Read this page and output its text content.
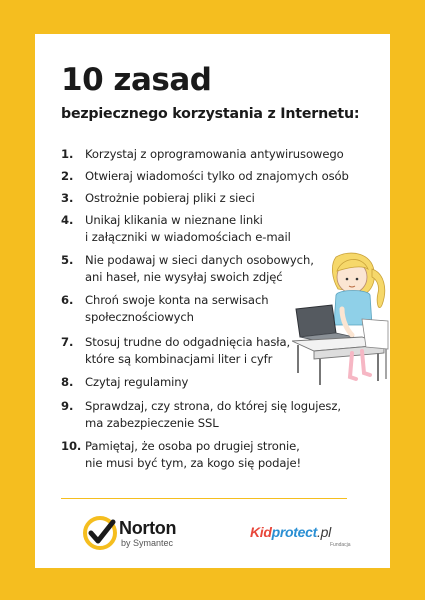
10 zasad
bezpiecznego korzystania z Internetu:
1.	Korzystaj z oprogramowania antywirusowego
2.	Otwieraj wiadomości tylko od znajomych osób
3.	Ostrożnie pobieraj pliki z sieci
4.	Unikaj klikania w nieznane linki
i załączniki w wiadomościach e-mail
5.	Nie podawaj w sieci danych osobowych,
ani haseł, nie wysyłaj swoich zdjęć
6.	Chroń swoje konta na serwisach
społecznościowych
7.	Stosuj trudne do odgadnięcia hasła,
które są kombinacjami liter i cyfr
8.	Czytaj regulaminy
9.	Sprawdzaj, czy strona, do której się logujesz,
ma zabezpieczenie SSL
10. Pamiętaj, że osoba po drugiej stronie,
nie musi być tym, za kogo się podaje!
Norton
by Symantec
Kidprotect.pl
Fundacja
